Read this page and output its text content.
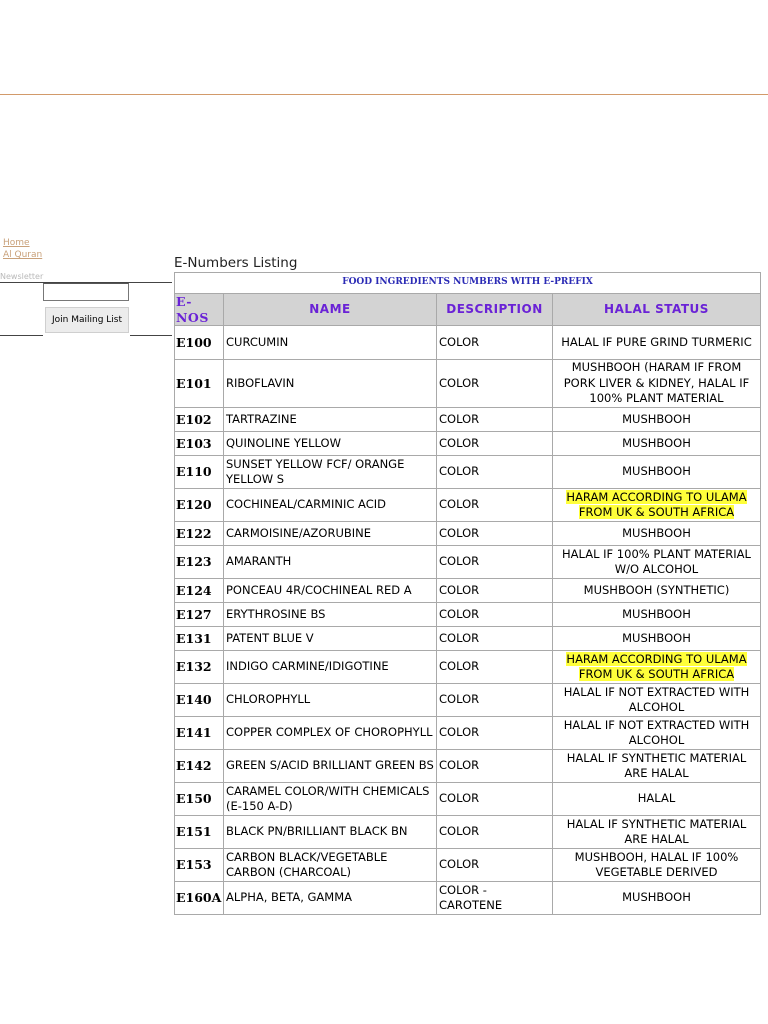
Home
Al Quran
Newsletter
Join Mailing List
E-Numbers Listing
FOOD INGREDIENTS NUMBERS WITH E-PREFIX			
E-NOS	NAME	DESCRIPTION	HALAL STATUS
E100	CURCUMIN	COLOR	HALAL IF PURE GRIND TURMERIC
E101	RIBOFLAVIN	COLOR	MUSHBOOH (HARAM IF FROM PORK LIVER & KIDNEY, HALAL IF 100% PLANT MATERIAL
E102	TARTRAZINE	COLOR	MUSHBOOH
E103	QUINOLINE YELLOW	COLOR	MUSHBOOH
E110	SUNSET YELLOW FCF/ ORANGE YELLOW S	COLOR	MUSHBOOH
E120	COCHINEAL/CARMINIC ACID	COLOR	HARAM ACCORDING TO ULAMA FROM UK & SOUTH AFRICA
E122	CARMOISINE/AZORUBINE	COLOR	MUSHBOOH
E123	AMARANTH	COLOR	HALAL IF 100% PLANT MATERIAL W/O ALCOHOL
E124	PONCEAU 4R/COCHINEAL RED A	COLOR	MUSHBOOH (SYNTHETIC)
E127	ERYTHROSINE BS	COLOR	MUSHBOOH
E131	PATENT BLUE V	COLOR	MUSHBOOH
E132	INDIGO CARMINE/IDIGOTINE	COLOR	HARAM ACCORDING TO ULAMA FROM UK & SOUTH AFRICA
E140	CHLOROPHYLL	COLOR	HALAL IF NOT EXTRACTED WITH ALCOHOL
E141	COPPER COMPLEX OF CHOROPHYLL	COLOR	HALAL IF NOT EXTRACTED WITH ALCOHOL
E142	GREEN S/ACID BRILLIANT GREEN BS	COLOR	HALAL IF SYNTHETIC MATERIAL ARE HALAL
E150	CARAMEL COLOR/WITH CHEMICALS (E-150 A-D)	COLOR	HALAL
E151	BLACK PN/BRILLIANT BLACK BN	COLOR	HALAL IF SYNTHETIC MATERIAL ARE HALAL
E153	CARBON BLACK/VEGETABLE CARBON (CHARCOAL)	COLOR	MUSHBOOH, HALAL IF 100% VEGETABLE DERIVED
E160A	ALPHA, BETA, GAMMA	COLOR - CAROTENE	MUSHBOOH
